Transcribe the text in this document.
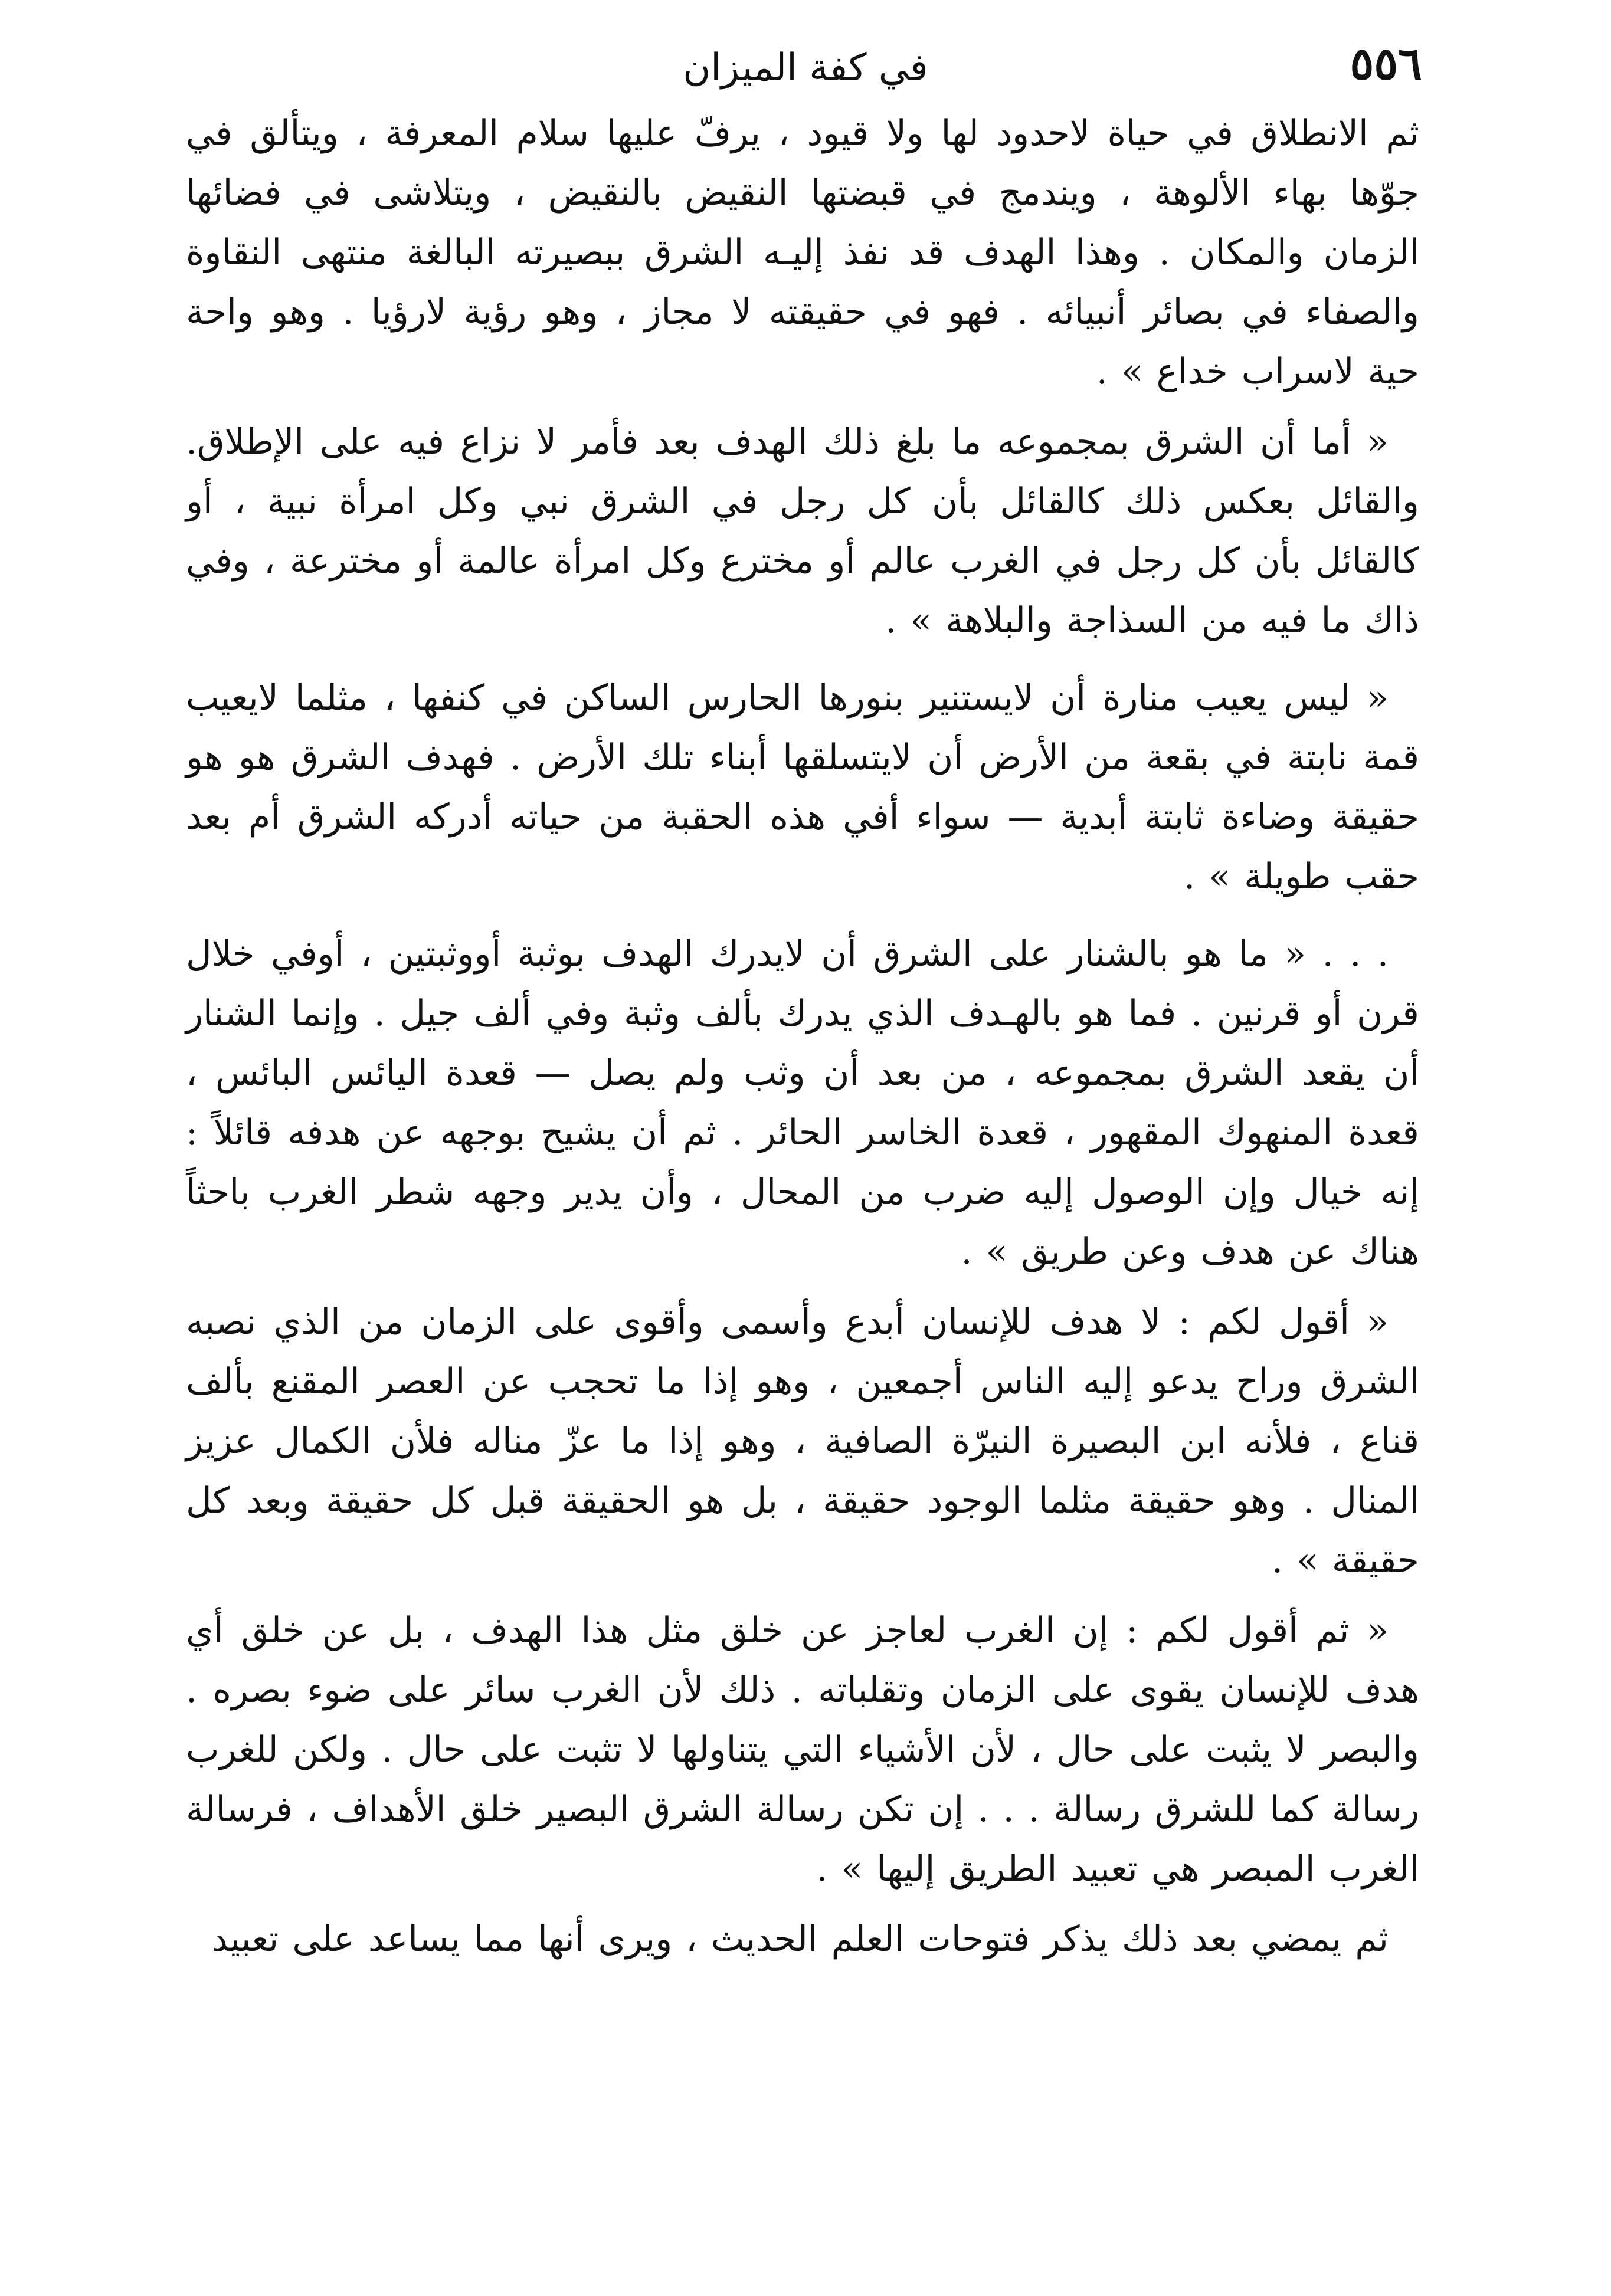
٥٥٦
في كفة الميزان

ثم الانطلاق في حياة لاحدود لها ولا قيود ، يرفّ عليها سلام المعرفة ، ويتألق في جوّها بهاء الألوهة ، ويندمج في قبضتها النقيض بالنقيض ، ويتلاشى في فضائها الزمان والمكان . وهذا الهدف قد نفذ إليـه الشرق ببصيرته البالغة منتهى النقاوة والصفاء في بصائر أنبيائه . فهو في حقيقته لا مجاز ، وهو رؤية لارؤيا . وهو واحة حية لاسراب خداع » .

« أما أن الشرق بمجموعه ما بلغ ذلك الهدف بعد فأمر لا نزاع فيه على الإطلاق. والقائل بعكس ذلك كالقائل بأن كل رجل في الشرق نبي وكل امرأة نبية ، أو كالقائل بأن كل رجل في الغرب عالم أو مخترع وكل امرأة عالمة أو مخترعة ، وفي ذاك ما فيه من السذاجة والبلاهة » .

« ليس يعيب منارة أن لايستنير بنورها الحارس الساكن في كنفها ، مثلما لايعيب قمة نابتة في بقعة من الأرض أن لايتسلقها أبناء تلك الأرض . فهدف الشرق هو هو حقيقة وضاءة ثابتة أبدية — سواء أفي هذه الحقبة من حياته أدركه الشرق أم بعد حقب طويلة » .

. . . « ما هو بالشنار على الشرق أن لايدرك الهدف بوثبة أووثبتين ، أوفي خلال قرن أو قرنين . فما هو بالهـدف الذي يدرك بألف وثبة وفي ألف جيل . وإنما الشنار أن يقعد الشرق بمجموعه ، من بعد أن وثب ولم يصل — قعدة اليائس البائس ، قعدة المنهوك المقهور ، قعدة الخاسر الحائر . ثم أن يشيح بوجهه عن هدفه قائلاً : إنه خيال وإن الوصول إليه ضرب من المحال ، وأن يدير وجهه شطر الغرب باحثاً هناك عن هدف وعن طريق » .

« أقول لكم : لا هدف للإنسان أبدع وأسمى وأقوى على الزمان من الذي نصبه الشرق وراح يدعو إليه الناس أجمعين ، وهو إذا ما تحجب عن العصر المقنع بألف قناع ، فلأنه ابن البصيرة النيرّة الصافية ، وهو إذا ما عزّ مناله فلأن الكمال عزيز المنال . وهو حقيقة مثلما الوجود حقيقة ، بل هو الحقيقة قبل كل حقيقة وبعد كل حقيقة » .

« ثم أقول لكم : إن الغرب لعاجز عن خلق مثل هذا الهدف ، بل عن خلق أي هدف للإنسان يقوى على الزمان وتقلباته . ذلك لأن الغرب سائر على ضوء بصره . والبصر لا يثبت على حال ، لأن الأشياء التي يتناولها لا تثبت على حال . ولكن للغرب رسالة كما للشرق رسالة . . . إن تكن رسالة الشرق البصير خلق الأهداف ، فرسالة الغرب المبصر هي تعبيد الطريق إليها » .

ثم يمضي بعد ذلك يذكر فتوحات العلم الحديث ، ويرى أنها مما يساعد على تعبيد
